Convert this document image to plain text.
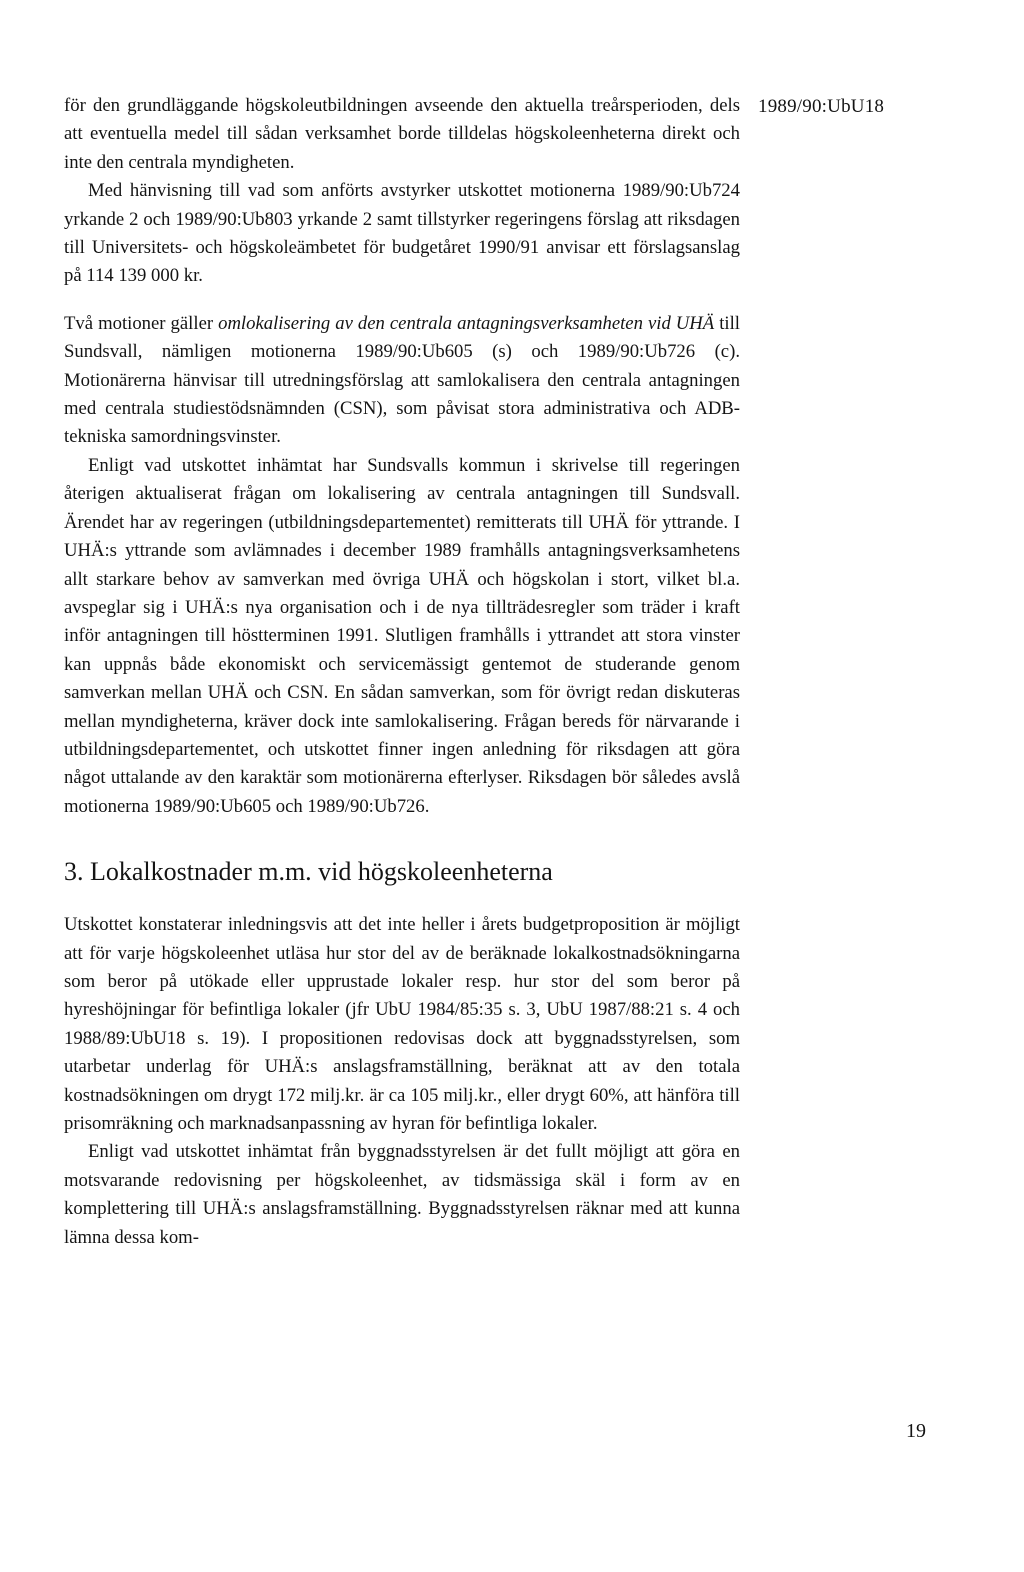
1989/90:UbU18

för den grundläggande högskoleutbildningen avseende den aktuella treårsperioden, dels att eventuella medel till sådan verksamhet borde tilldelas högskoleenheterna direkt och inte den centrala myndigheten.

Med hänvisning till vad som anförts avstyrker utskottet motionerna 1989/90:Ub724 yrkande 2 och 1989/90:Ub803 yrkande 2 samt tillstyrker regeringens förslag att riksdagen till Universitets- och högskoleämbetet för budgetåret 1990/91 anvisar ett förslagsanslag på 114 139 000 kr.

Två motioner gäller omlokalisering av den centrala antagningsverksamheten vid UHÄ till Sundsvall, nämligen motionerna 1989/90:Ub605 (s) och 1989/90:Ub726 (c). Motionärerna hänvisar till utredningsförslag att samlokalisera den centrala antagningen med centrala studiestödsnämnden (CSN), som påvisat stora administrativa och ADB-tekniska samordningsvinster.

Enligt vad utskottet inhämtat har Sundsvalls kommun i skrivelse till regeringen återigen aktualiserat frågan om lokalisering av centrala antagningen till Sundsvall. Ärendet har av regeringen (utbildningsdepartementet) remitterats till UHÄ för yttrande. I UHÄ:s yttrande som avlämnades i december 1989 framhålls antagningsverksamhetens allt starkare behov av samverkan med övriga UHÄ och högskolan i stort, vilket bl.a. avspeglar sig i UHÄ:s nya organisation och i de nya tillträdesregler som träder i kraft inför antagningen till höstterminen 1991. Slutligen framhålls i yttrandet att stora vinster kan uppnås både ekonomiskt och servicemässigt gentemot de studerande genom samverkan mellan UHÄ och CSN. En sådan samverkan, som för övrigt redan diskuteras mellan myndigheterna, kräver dock inte samlokalisering. Frågan bereds för närvarande i utbildningsdepartementet, och utskottet finner ingen anledning för riksdagen att göra något uttalande av den karaktär som motionärerna efterlyser. Riksdagen bör således avslå motionerna 1989/90:Ub605 och 1989/90:Ub726.

3. Lokalkostnader m.m. vid högskoleenheterna

Utskottet konstaterar inledningsvis att det inte heller i årets budgetproposition är möjligt att för varje högskoleenhet utläsa hur stor del av de beräknade lokalkostnadsökningarna som beror på utökade eller upprustade lokaler resp. hur stor del som beror på hyreshöjningar för befintliga lokaler (jfr UbU 1984/85:35 s. 3, UbU 1987/88:21 s. 4 och 1988/89:UbU18 s. 19). I propositionen redovisas dock att byggnadsstyrelsen, som utarbetar underlag för UHÄ:s anslagsframställning, beräknat att av den totala kostnadsökningen om drygt 172 milj.kr. är ca 105 milj.kr., eller drygt 60%, att hänföra till prisomräkning och marknadsanpassning av hyran för befintliga lokaler.

Enligt vad utskottet inhämtat från byggnadsstyrelsen är det fullt möjligt att göra en motsvarande redovisning per högskoleenhet, av tidsmässiga skäl i form av en komplettering till UHÄ:s anslagsframställning. Byggnadsstyrelsen räknar med att kunna lämna dessa kom-

19
